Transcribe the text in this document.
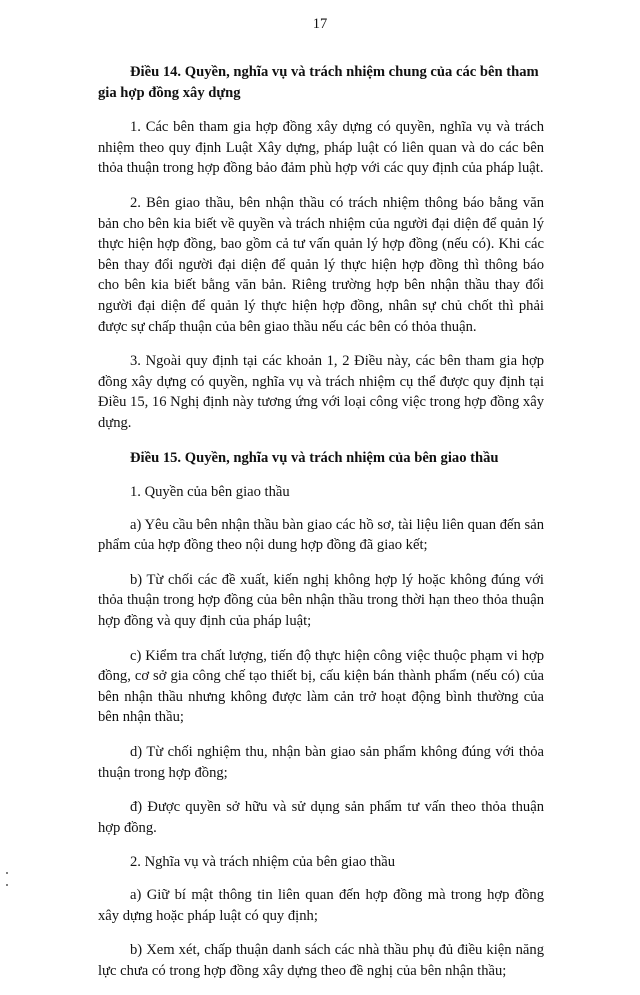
17

Điều 14. Quyền, nghĩa vụ và trách nhiệm chung của các bên tham gia hợp đồng xây dựng

1. Các bên tham gia hợp đồng xây dựng có quyền, nghĩa vụ và trách nhiệm theo quy định Luật Xây dựng, pháp luật có liên quan và do các bên thỏa thuận trong hợp đồng bảo đảm phù hợp với các quy định của pháp luật.

2. Bên giao thầu, bên nhận thầu có trách nhiệm thông báo bằng văn bản cho bên kia biết về quyền và trách nhiệm của người đại diện để quản lý thực hiện hợp đồng, bao gồm cả tư vấn quản lý hợp đồng (nếu có). Khi các bên thay đổi người đại diện để quản lý thực hiện hợp đồng thì thông báo cho bên kia biết bằng văn bản. Riêng trường hợp bên nhận thầu thay đổi người đại diện để quản lý thực hiện hợp đồng, nhân sự chủ chốt thì phải được sự chấp thuận của bên giao thầu nếu các bên có thỏa thuận.

3. Ngoài quy định tại các khoản 1, 2 Điều này, các bên tham gia hợp đồng xây dựng có quyền, nghĩa vụ và trách nhiệm cụ thể được quy định tại Điều 15, 16 Nghị định này tương ứng với loại công việc trong hợp đồng xây dựng.

Điều 15. Quyền, nghĩa vụ và trách nhiệm của bên giao thầu

1. Quyền của bên giao thầu

a) Yêu cầu bên nhận thầu bàn giao các hồ sơ, tài liệu liên quan đến sản phẩm của hợp đồng theo nội dung hợp đồng đã giao kết;

b) Từ chối các đề xuất, kiến nghị không hợp lý hoặc không đúng với thỏa thuận trong hợp đồng của bên nhận thầu trong thời hạn theo thỏa thuận hợp đồng và quy định của pháp luật;

c) Kiểm tra chất lượng, tiến độ thực hiện công việc thuộc phạm vi hợp đồng, cơ sở gia công chế tạo thiết bị, cấu kiện bán thành phẩm (nếu có) của bên nhận thầu nhưng không được làm cản trở hoạt động bình thường của bên nhận thầu;

d) Từ chối nghiệm thu, nhận bàn giao sản phẩm không đúng với thỏa thuận trong hợp đồng;

đ) Được quyền sở hữu và sử dụng sản phẩm tư vấn theo thỏa thuận hợp đồng.

2. Nghĩa vụ và trách nhiệm của bên giao thầu

a) Giữ bí mật thông tin liên quan đến hợp đồng mà trong hợp đồng xây dựng hoặc pháp luật có quy định;

b) Xem xét, chấp thuận danh sách các nhà thầu phụ đủ điều kiện năng lực chưa có trong hợp đồng xây dựng theo đề nghị của bên nhận thầu;
